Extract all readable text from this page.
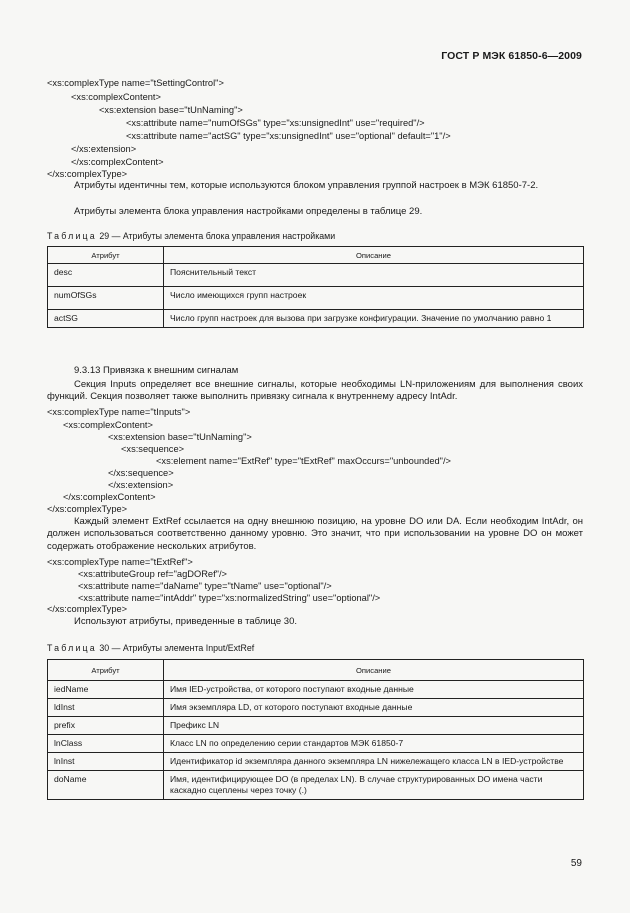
ГОСТ Р МЭК 61850-6—2009
<xs:complexType name="tSettingControl">
<xs:complexContent>
<xs:extension base="tUnNaming">
<xs:attribute name="numOfSGs" type="xs:unsignedInt" use="required"/>
<xs:attribute name="actSG" type="xs:unsignedInt" use="optional" default="1"/>
</xs:extension>
</xs:complexContent>
</xs:complexType>
Атрибуты идентичны тем, которые используются блоком управления группой настроек в МЭК 61850-7-2.
Атрибуты элемента блока управления настройками определены в таблице 29.
Таблица 29 — Атрибуты элемента блока управления настройками
Атрибут	Описание
desc	Пояснительный текст
numOfSGs	Число имеющихся групп настроек
actSG	Число групп настроек для вызова при загрузке конфигурации. Значение по умолчанию равно 1
9.3.13 Привязка к внешним сигналам
Секция Inputs определяет все внешние сигналы, которые необходимы LN-приложениям для выполнения своих функций. Секция позволяет также выполнить привязку сигнала к внутреннему адресу IntAdr.
<xs:complexType name="tInputs">
<xs:complexContent>
<xs:extension base="tUnNaming">
<xs:sequence>
<xs:element name="ExtRef" type="tExtRef" maxOccurs="unbounded"/>
</xs:sequence>
</xs:extension>
</xs:complexContent>
</xs:complexType>
Каждый элемент ExtRef ссылается на одну внешнюю позицию, на уровне DO или DA. Если необходим IntAdr, он должен использоваться соответственно данному уровню. Это значит, что при использовании на уровне DO он может содержать отображение нескольких атрибутов.
<xs:complexType name="tExtRef">
<xs:attributeGroup ref="agDORef"/>
<xs:attribute name="daName" type="tName" use="optional"/>
<xs:attribute name="intAddr" type="xs:normalizedString" use="optional"/>
</xs:complexType>
Используют атрибуты, приведенные в таблице 30.
Таблица 30 — Атрибуты элемента Input/ExtRef
Атрибут	Описание
iedName	Имя IED-устройства, от которого поступают входные данные
ldInst	Имя экземпляра LD, от которого поступают входные данные
prefix	Префикс LN
lnClass	Класс LN по определению серии стандартов МЭК 61850-7
lnInst	Идентификатор id экземпляра данного экземпляра LN нижележащего класса LN в IED-устройстве
doName	Имя, идентифицирующее DO (в пределах LN). В случае структурированных DO имена части каскадно сцеплены через точку (.)
59
